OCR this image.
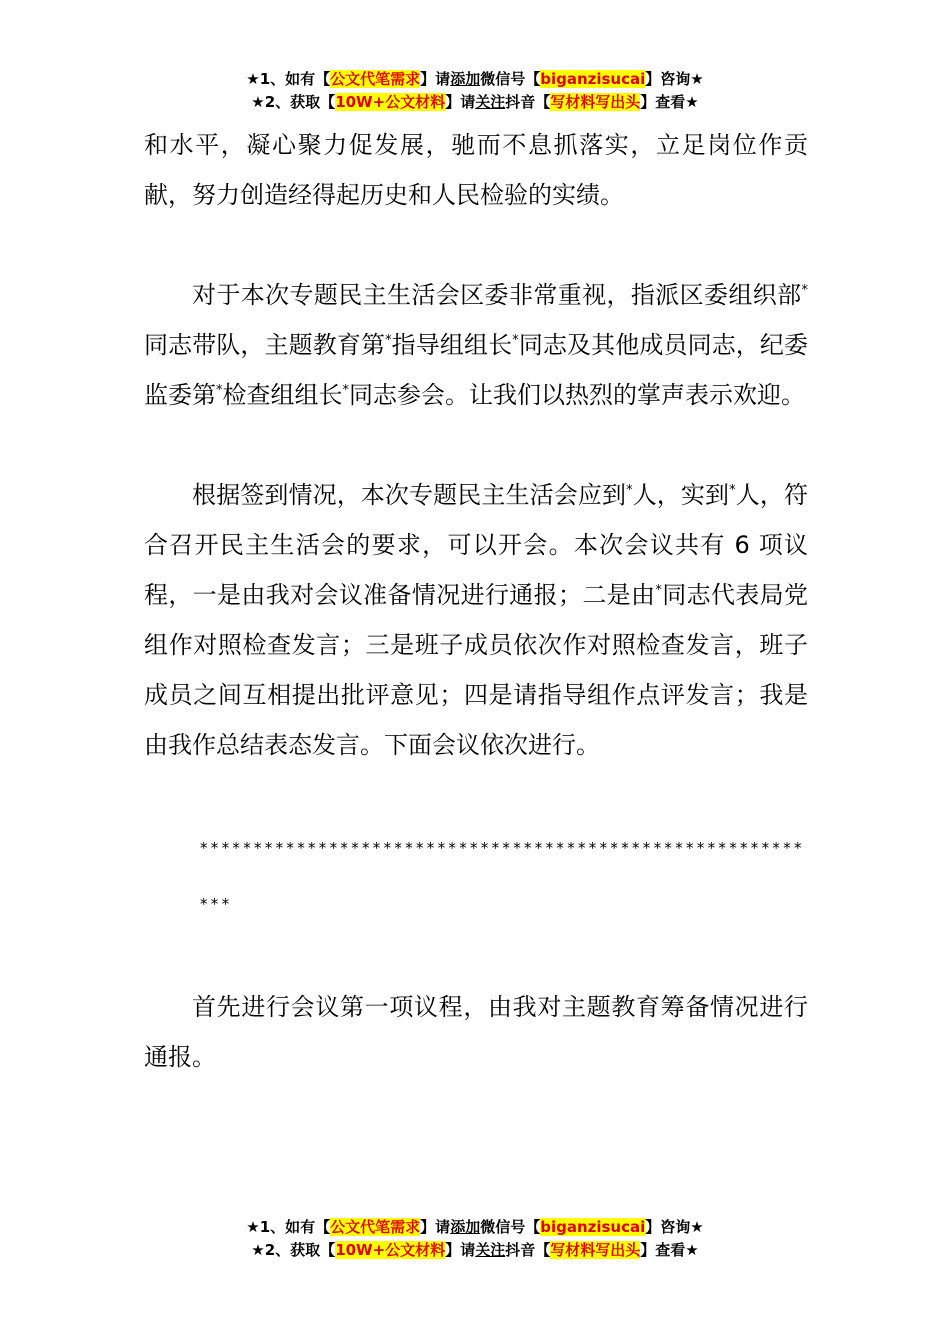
★1、如有【公文代笔需求】请添加微信号【biganzisucai】咨询★
★2、获取【10W+公文材料】请关注抖音【写材料写出头】查看★

和水平，凝心聚力促发展，驰而不息抓落实，立足岗位作贡献，努力创造经得起历史和人民检验的实绩。

对于本次专题民主生活会区委非常重视，指派区委组织部*同志带队，主题教育第*指导组组长*同志及其他成员同志，纪委监委第*检查组组长*同志参会。让我们以热烈的掌声表示欢迎。

根据签到情况，本次专题民主生活会应到*人，实到*人，符合召开民主生活会的要求，可以开会。本次会议共有 6 项议程，一是由我对会议准备情况进行通报；二是由*同志代表局党组作对照检查发言；三是班子成员依次作对照检查发言，班子成员之间互相提出批评意见；四是请指导组作点评发言；我是由我作总结表态发言。下面会议依次进行。

***********************************************************

首先进行会议第一项议程，由我对主题教育筹备情况进行通报。

★1、如有【公文代笔需求】请添加微信号【biganzisucai】咨询★
★2、获取【10W+公文材料】请关注抖音【写材料写出头】查看★
